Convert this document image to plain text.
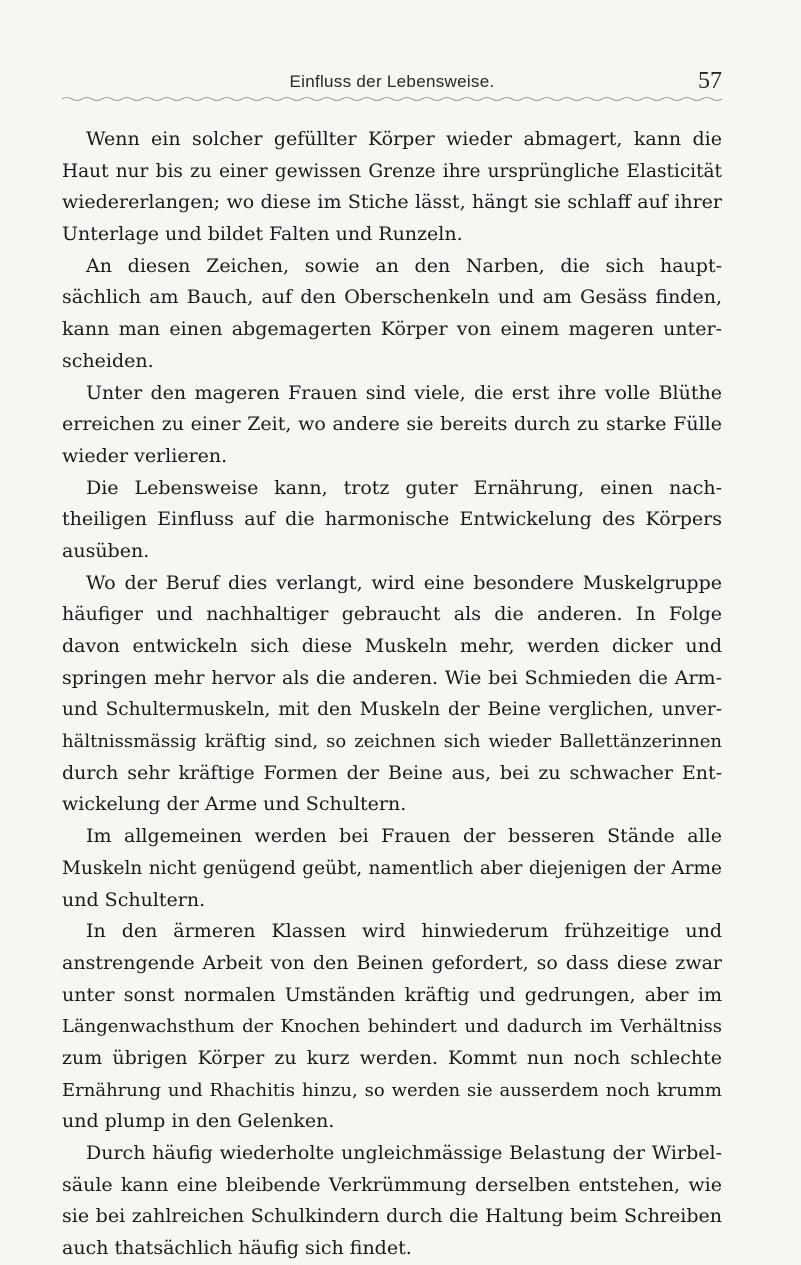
Einfluss der Lebensweise.	57
Wenn ein solcher gefüllter Körper wieder abmagert, kann die
Haut nur bis zu einer gewissen Grenze ihre ursprüngliche Elasticität
wiedererlangen; wo diese im Stiche lässt, hängt sie schlaff auf ihrer
Unterlage und bildet Falten und Runzeln.
An diesen Zeichen, sowie an den Narben, die sich haupt-
sächlich am Bauch, auf den Oberschenkeln und am Gesäss finden,
kann man einen abgemagerten Körper von einem mageren unter-
scheiden.
Unter den mageren Frauen sind viele, die erst ihre volle Blüthe
erreichen zu einer Zeit, wo andere sie bereits durch zu starke Fülle
wieder verlieren.
Die Lebensweise kann, trotz guter Ernährung, einen nach-
theiligen Einfluss auf die harmonische Entwickelung des Körpers
ausüben.
Wo der Beruf dies verlangt, wird eine besondere Muskelgruppe
häufiger und nachhaltiger gebraucht als die anderen. In Folge
davon entwickeln sich diese Muskeln mehr, werden dicker und
springen mehr hervor als die anderen. Wie bei Schmieden die Arm-
und Schultermuskeln, mit den Muskeln der Beine verglichen, unver-
hältnissmässig kräftig sind, so zeichnen sich wieder Ballettänzerinnen
durch sehr kräftige Formen der Beine aus, bei zu schwacher Ent-
wickelung der Arme und Schultern.
Im allgemeinen werden bei Frauen der besseren Stände alle
Muskeln nicht genügend geübt, namentlich aber diejenigen der Arme
und Schultern.
In den ärmeren Klassen wird hinwiederum frühzeitige und
anstrengende Arbeit von den Beinen gefordert, so dass diese zwar
unter sonst normalen Umständen kräftig und gedrungen, aber im
Längenwachsthum der Knochen behindert und dadurch im Verhältniss
zum übrigen Körper zu kurz werden. Kommt nun noch schlechte
Ernährung und Rhachitis hinzu, so werden sie ausserdem noch krumm
und plump in den Gelenken.
Durch häufig wiederholte ungleichmässige Belastung der Wirbel-
säule kann eine bleibende Verkrümmung derselben entstehen, wie
sie bei zahlreichen Schulkindern durch die Haltung beim Schreiben
auch thatsächlich häufig sich findet.
